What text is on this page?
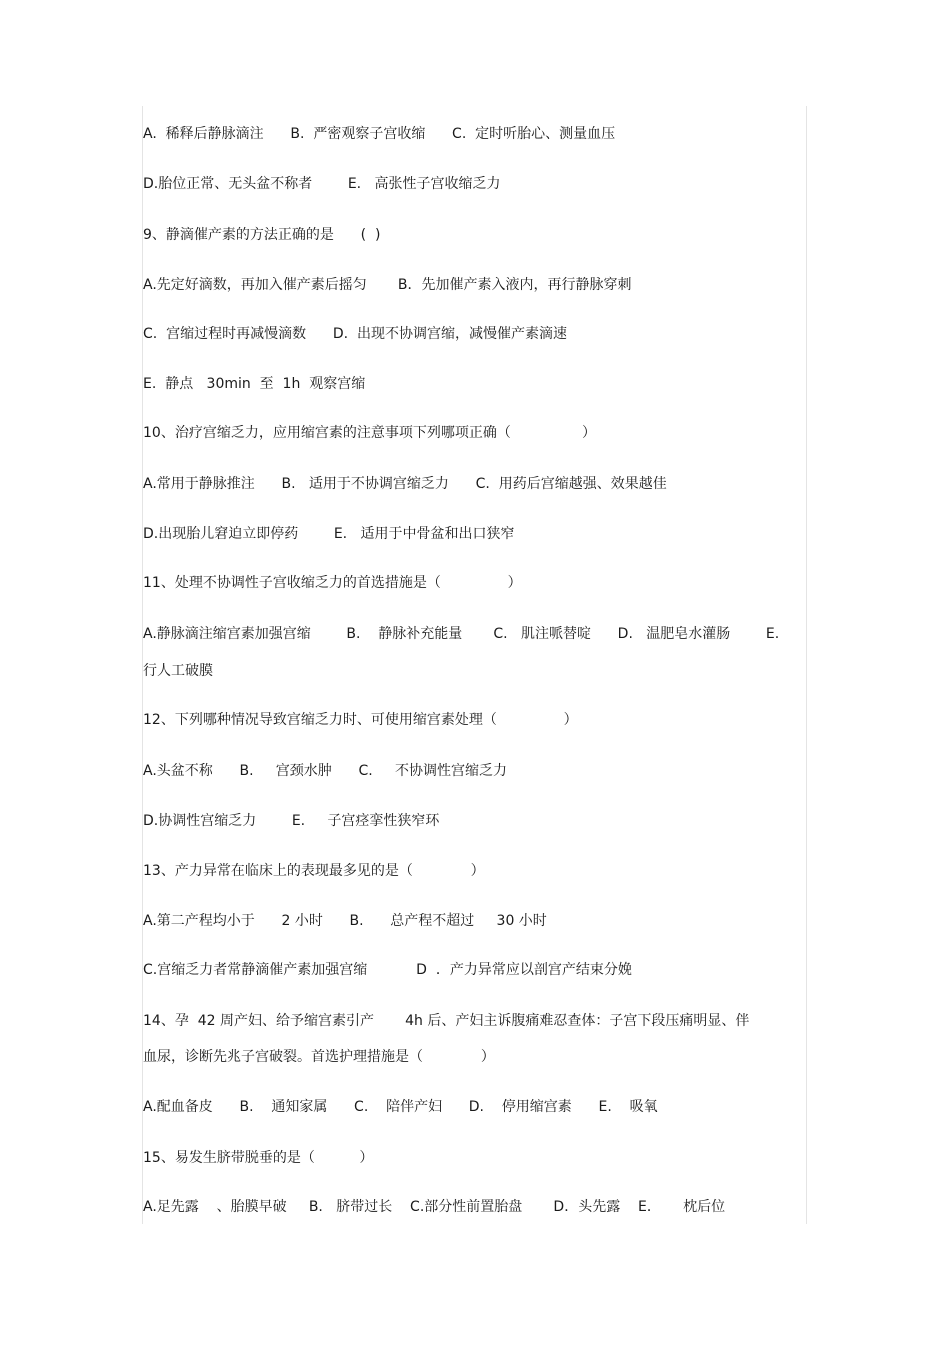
A.  稀释后静脉滴注      B.  严密观察子宫收缩      C.  定时听胎心、测量血压

D.胎位正常、无头盆不称者        E.   高张性子宫收缩乏力

9、静滴催产素的方法正确的是      (  )

A.先定好滴数，再加入催产素后摇匀       B．先加催产素入液内，再行静脉穿刺

C.  宫缩过程时再减慢滴数      D.  出现不协调宫缩，减慢催产素滴速

E.  静点   30min  至  1h  观察宫缩

10、治疗宫缩乏力，应用缩宫素的注意事项下列哪项正确（                ）

A.常用于静脉推注      B.   适用于不协调宫缩乏力      C.  用药后宫缩越强、效果越佳

D.出现胎儿窘迫立即停药        E.   适用于中骨盆和出口狭窄

11、处理不协调性子宫收缩乏力的首选措施是（               ）

A.静脉滴注缩宫素加强宫缩        B.    静脉补充能量       C.   肌注哌替啶      D.   温肥皂水灌肠        E.

行人工破膜

12、下列哪种情况导致宫缩乏力时、可使用缩宫素处理（               ）

A.头盆不称      B.     宫颈水肿      C.     不协调性宫缩乏力

D.协调性宫缩乏力        E.     子宫痉挛性狭窄环

13、产力异常在临床上的表现最多见的是（             ）

A.第二产程均小于      2 小时      B.      总产程不超过     30 小时

C.宫缩乏力者常静滴催产素加强宫缩           D  ．产力异常应以剖宫产结束分娩

14、孕  42 周产妇、给予缩宫素引产       4h 后、产妇主诉腹痛难忍查体：子宫下段压痛明显、伴

血尿，诊断先兆子宫破裂。首选护理措施是（             ）

A.配血备皮      B.    通知家属      C.    陪伴产妇      D.    停用缩宫素      E.    吸氧

15、易发生脐带脱垂的是（          ）

A.足先露    、胎膜早破     B.   脐带过长    C.部分性前置胎盘       D．头先露    E．     枕后位
